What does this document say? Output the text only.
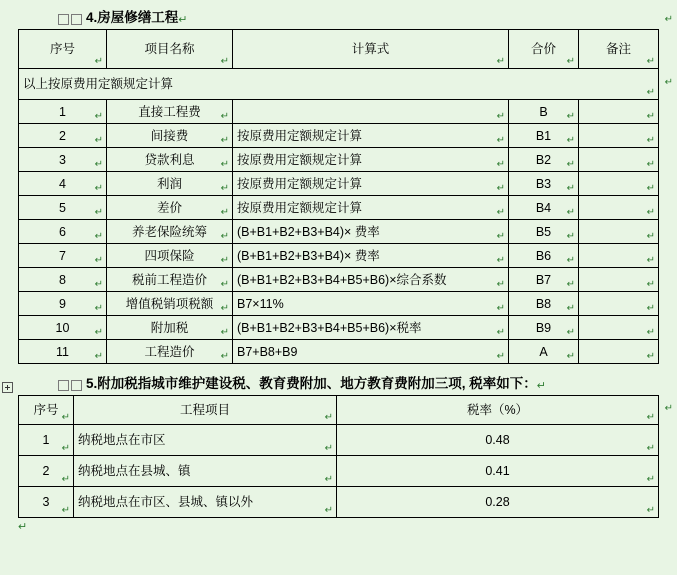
4.房屋修缮工程 ↵
序号
↵	项目名称
↵	计算式
↵	合价
↵	备注
↵

以上按原费用定额规定计算
↵				

1 ↵	直接工程费 ↵	↵	B ↵	↵

2 ↵	间接费 ↵	按原费用定额规定计算 ↵	B1 ↵	↵

3 ↵	贷款利息 ↵	按原费用定额规定计算 ↵	B2 ↵	↵

4 ↵	利润 ↵	按原费用定额规定计算 ↵	B3 ↵	↵

5 ↵	差价 ↵	按原费用定额规定计算 ↵	B4 ↵	↵

6 ↵	养老保险统筹 ↵	(B+B1+B2+B3+B4)× 费率 ↵	B5 ↵	↵

7 ↵	四项保险 ↵	(B+B1+B2+B3+B4)× 费率 ↵	B6 ↵	↵

8 ↵	税前工程造价 ↵	(B+B1+B2+B3+B4+B5+B6)×综合系数 ↵	B7 ↵	↵

9 ↵	增值税销项税额 ↵	B7×11% ↵	B8 ↵	↵

10 ↵	附加税 ↵	(B+B1+B2+B3+B4+B5+B6)×税率 ↵	B9 ↵	↵

11 ↵	工程造价 ↵	B7+B8+B9 ↵	A ↵	↵
5.附加税指城市维护建设税、教育费附加、地方教育费附加三项, 税率如下： ↵
序号
↵	工程项目
↵	税率（%）
↵

1
↵	纳税地点在市区
↵	0.48
↵

2
↵	纳税地点在县城、镇
↵	0.41
↵

3
↵	纳税地点在市区、县城、镇以外
↵	0.28
↵
↵
↵
↵
↵
